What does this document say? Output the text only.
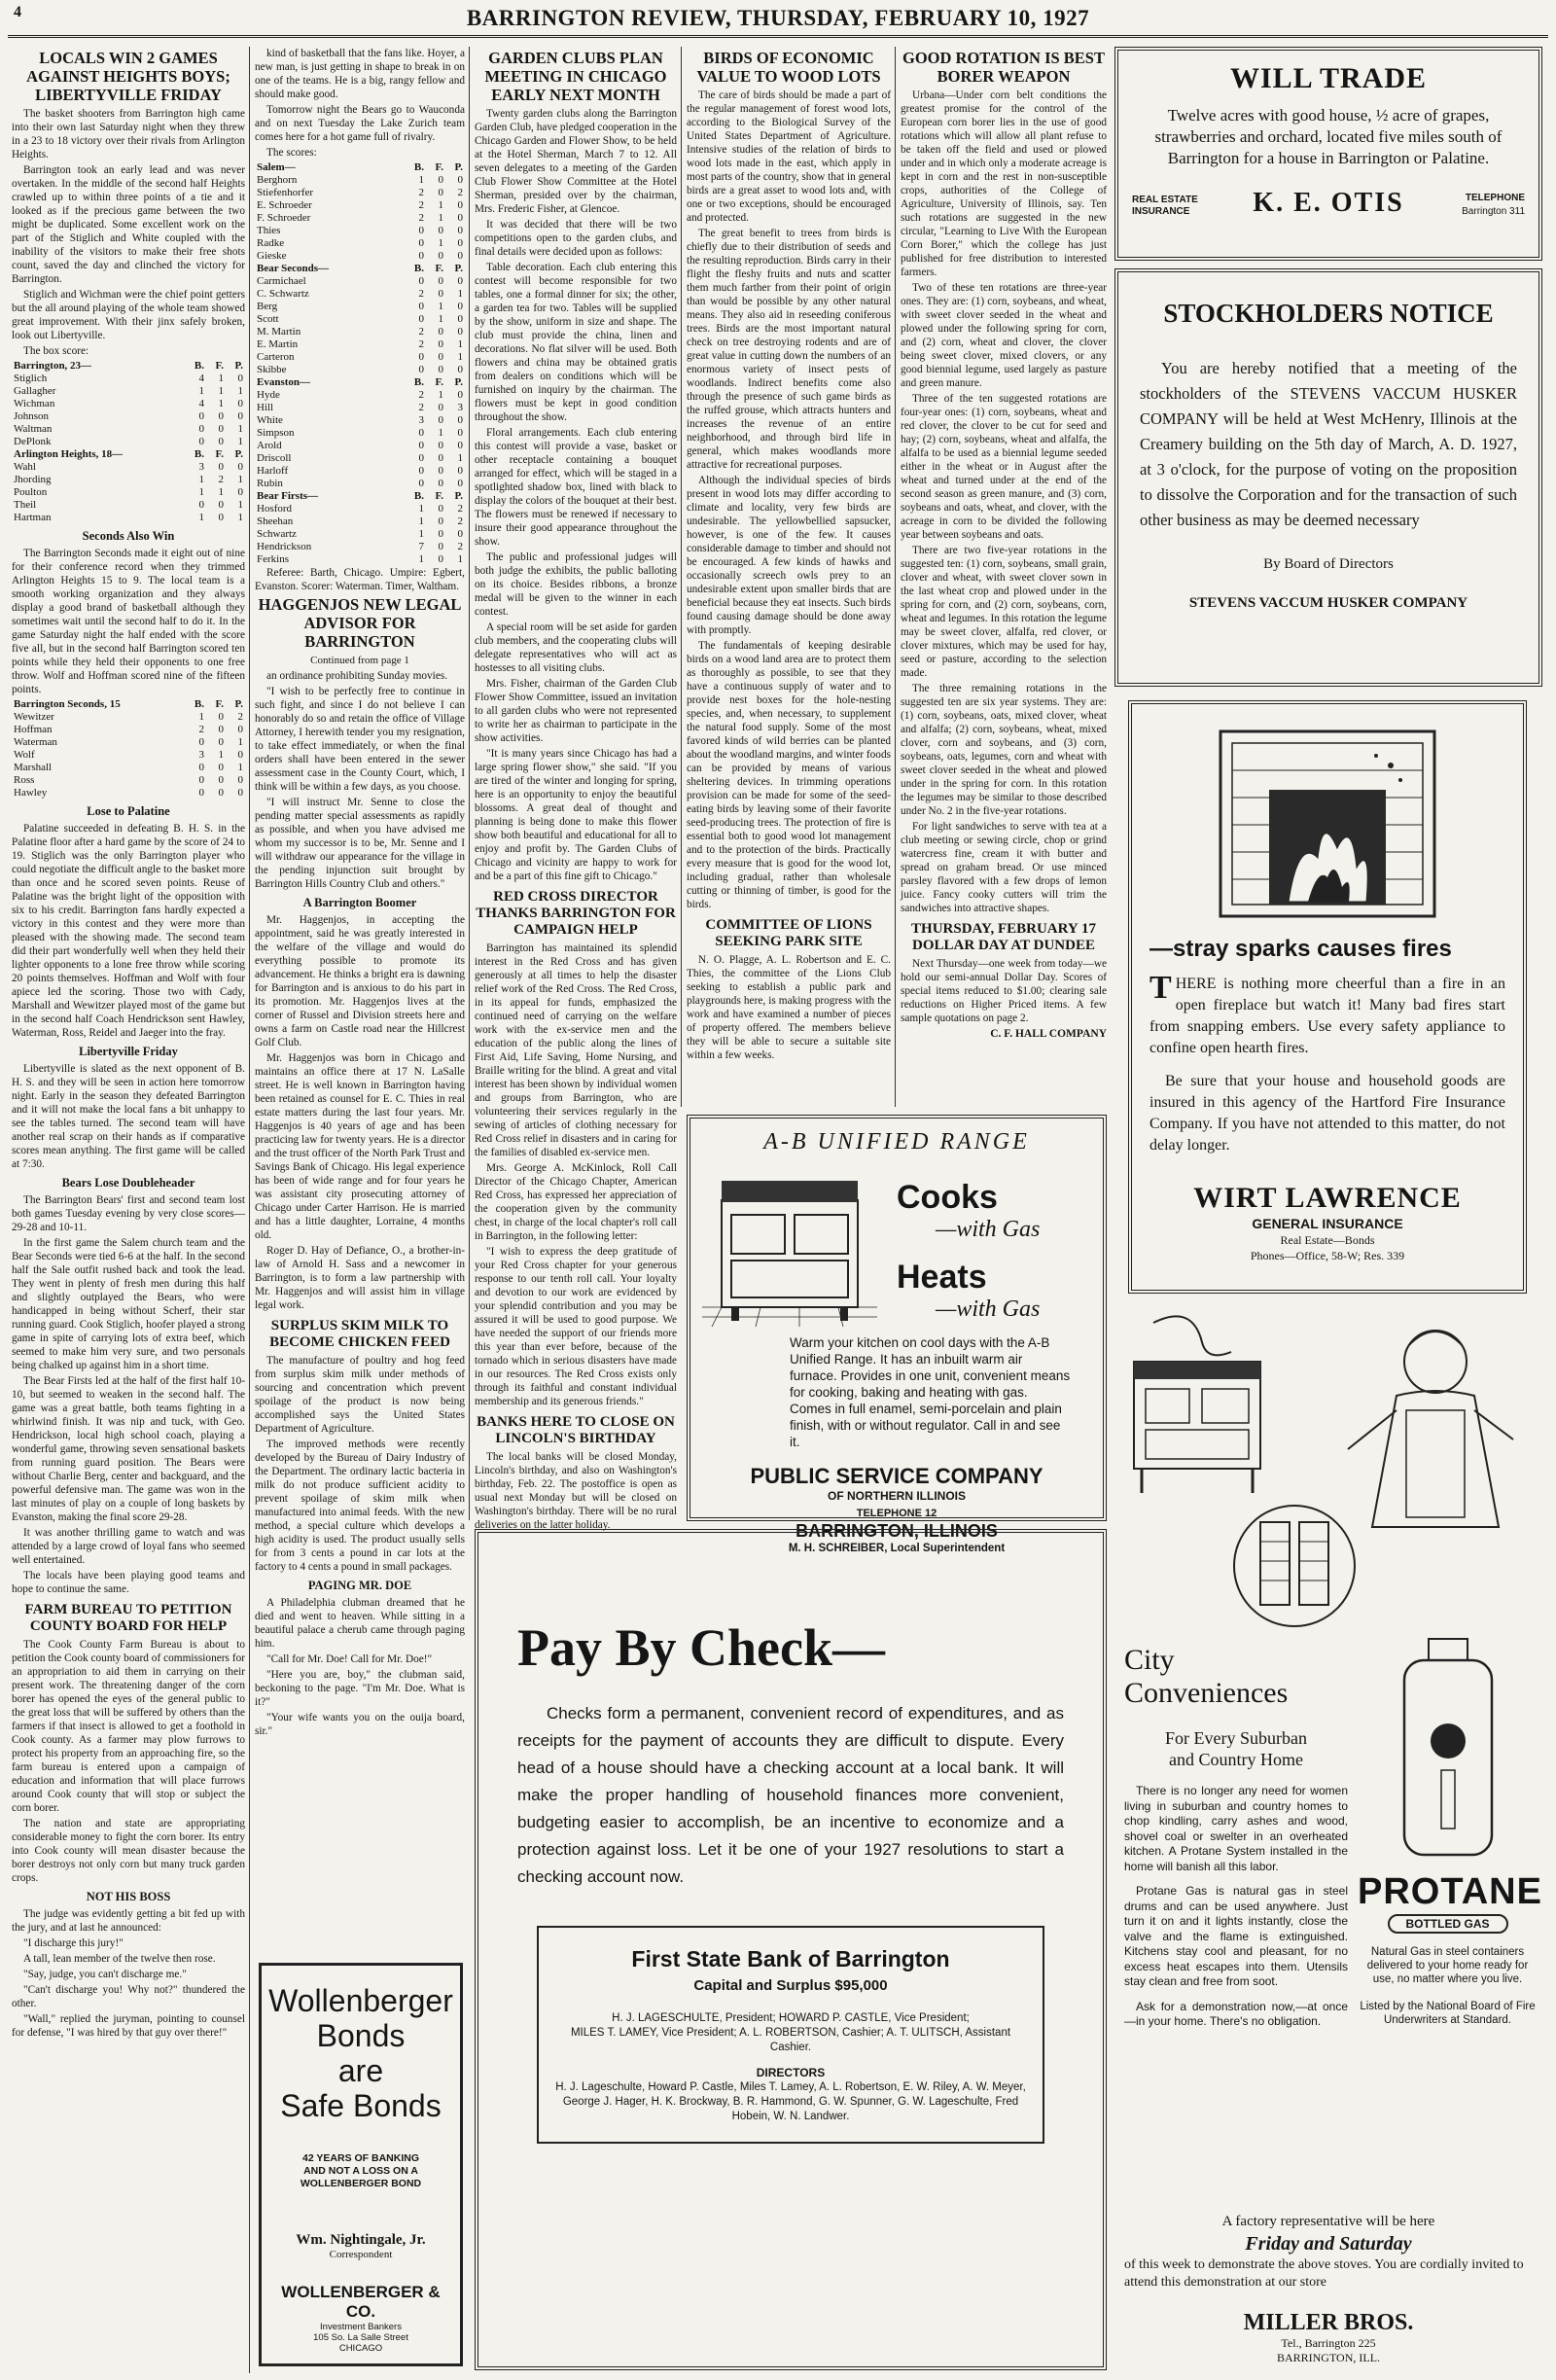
4	BARRINGTON REVIEW, THURSDAY, FEBRUARY 10, 1927
LOCALS WIN 2 GAMES AGAINST HEIGHTS BOYS; LIBERTYVILLE FRIDAY

The basket shooters from Barrington high came into their own last Saturday night when they threw in a 23 to 18 victory over their rivals from Arlington Heights.

Barrington took an early lead and was never overtaken. In the middle of the second half Heights crawled up to within three points of a tie and it looked as if the precious game between the two might be duplicated. Some excellent work on the part of the Stiglich and White coupled with the inability of the visitors to make their free shots count, saved the day and clinched the victory for Barrington.

Stiglich and Wichman were the chief point getters but the all around playing of the whole team showed great improvement. With their jinx safely broken, look out Libertyville.

The box score:

Barrington, 23—	B.	F.	P.
Stiglich	4	1	0
Gallagher	1	1	1
Wichman	4	1	0
Johnson	0	0	0
Waltman	0	0	1
DePlonk	0	0	1
Arlington Heights, 18—	B.	F.	P.
Wahl	3	0	0
Jhording	1	2	1
Poulton	1	1	0
Theil	0	0	1
Hartman	1	0	1
Seconds Also Win

The Barrington Seconds made it eight out of nine for their conference record when they trimmed Arlington Heights 15 to 9. The local team is a smooth working organization and they always display a good brand of basketball although they sometimes wait until the second half to do it. In the game Saturday night the half ended with the score five all, but in the second half Barrington scored ten points while they held their opponents to one free throw. Wolf and Hoffman scored nine of the fifteen points.

Barrington Seconds, 15	B.	F.	P.
Wewitzer	1	0	2
Hoffman	2	0	0
Waterman	0	0	1
Wolf	3	1	0
Marshall	0	0	1
Ross	0	0	0
Hawley	0	0	0
Lose to Palatine

Palatine succeeded in defeating B. H. S. in the Palatine floor after a hard game by the score of 24 to 19. Stiglich was the only Barrington player who could negotiate the difficult angle to the basket more than once and he scored seven points. Reuse of Palatine was the bright light of the opposition with six to his credit. Barrington fans hardly expected a victory in this contest and they were more than pleased with the showing made. The second team did their part wonderfully well when they held their lighter opponents to a lone free throw while scoring 20 points themselves. Hoffman and Wolf with four apiece led the scoring. Those two with Cady, Marshall and Wewitzer played most of the game but in the second half Coach Hendrickson sent Hawley, Waterman, Ross, Reidel and Jaeger into the fray.

Libertyville Friday

Libertyville is slated as the next opponent of B. H. S. and they will be seen in action here tomorrow night. Early in the season they defeated Barrington and it will not make the local fans a bit unhappy to see the tables turned. The second team will have another real scrap on their hands as if comparative scores mean anything. The first game will be called at 7:30.

Bears Lose Doubleheader

The Barrington Bears' first and second team lost both games Tuesday evening by very close scores—29-28 and 10-11.

In the first game the Salem church team and the Bear Seconds were tied 6-6 at the half. In the second half the Sale outfit rushed back and took the lead. They went in plenty of fresh men during this half and slightly outplayed the Bears, who were handicapped in being without Scherf, their star running guard. Cook Stiglich, hoofer played a strong game in spite of carrying lots of extra beef, which seemed to make him very sure, and two personals being chalked up against him in a short time.

The Bear Firsts led at the half of the first half 10-10, but seemed to weaken in the second half. The game was a great battle, both teams fighting in a whirlwind finish. It was nip and tuck, with Geo. Hendrickson, local high school coach, playing a wonderful game, throwing seven sensational baskets from running guard position. The Bears were without Charlie Berg, center and backguard, and the powerful defensive man. The game was won in the last minutes of play on a couple of long baskets by Evanston, making the final score 29-28.

It was another thrilling game to watch and was attended by a large crowd of loyal fans who seemed well entertained.

The locals have been playing good teams and hope to continue the same.

FARM BUREAU TO PETITION COUNTY BOARD FOR HELP

The Cook County Farm Bureau is about to petition the Cook county board of commissioners for an appropriation to aid them in carrying on their present work. The threatening danger of the corn borer has opened the eyes of the general public to the great loss that will be suffered by others than the farmers if that insect is allowed to get a foothold in Cook county. As a farmer may plow furrows to protect his property from an approaching fire, so the farm bureau is entered upon a campaign of education and information that will place furrows around Cook county that will stop or subject the corn borer.

The nation and state are appropriating considerable money to fight the corn borer. Its entry into Cook county will mean disaster because the borer destroys not only corn but many truck garden crops.

NOT HIS BOSS

The judge was evidently getting a bit fed up with the jury, and at last he announced:

"I discharge this jury!"

A tall, lean member of the twelve then rose.

"Say, judge, you can't discharge me."

"Can't discharge you! Why not?" thundered the other.

"Wall," replied the juryman, pointing to counsel for defense, "I was hired by that guy over there!"

kind of basketball that the fans like. Hoyer, a new man, is just getting in shape to break in on one of the teams. He is a big, rangy fellow and should make good.

Tomorrow night the Bears go to Wauconda and on next Tuesday the Lake Zurich team comes here for a hot game full of rivalry.

The scores:

Salem—	B.	F.	P.
Berghorn	1	0	0
Stiefenhorfer	2	0	2
E. Schroeder	2	1	0
F. Schroeder	2	1	0
Thies	0	0	0
Radke	0	1	0
Gieske	0	0	0
Bear Seconds—	B.	F.	P.
Carmichael	0	0	0
C. Schwartz	2	0	1
Berg	0	1	0
Scott	0	1	0
M. Martin	2	0	0
E. Martin	2	0	1
Carteron	0	0	1
Skibbe	0	0	0
Evanston—	B.	F.	P.
Hyde	2	1	0
Hill	2	0	3
White	3	0	0
Simpson	0	1	0
Arold	0	0	0
Driscoll	0	0	1
Harloff	0	0	0
Rubin	0	0	0
Bear Firsts—	B.	F.	P.
Hosford	1	0	2
Sheehan	1	0	2
Schwartz	1	0	0
Hendrickson	7	0	2
Ferkins	1	0	1

Referee: Barth, Chicago. Umpire: Egbert, Evanston. Scorer: Waterman. Timer, Waltham.

HAGGENJOS NEW LEGAL ADVISOR FOR BARRINGTON
Continued from page 1

an ordinance prohibiting Sunday movies.

"I wish to be perfectly free to continue in such fight, and since I do not believe I can honorably do so and retain the office of Village Attorney, I herewith tender you my resignation, to take effect immediately, or when the final orders shall have been entered in the sewer assessment case in the County Court, which, I think will be within a few days, as you choose.

"I will instruct Mr. Senne to close the pending matter special assessments as rapidly as possible, and when you have advised me whom my successor is to be, Mr. Senne and I will withdraw our appearance for the village in the pending injunction suit brought by Barrington Hills Country Club and others."

A Barrington Boomer

Mr. Haggenjos, in accepting the appointment, said he was greatly interested in the welfare of the village and would do everything possible to promote its advancement. He thinks a bright era is dawning for Barrington and is anxious to do his part in its promotion. Mr. Haggenjos lives at the corner of Russel and Division streets here and owns a farm on Castle road near the Hillcrest Golf Club.

Mr. Haggenjos was born in Chicago and maintains an office there at 17 N. LaSalle street. He is well known in Barrington having been retained as counsel for E. C. Thies in real estate matters during the last four years. Mr. Haggenjos is 40 years of age and has been practicing law for twenty years. He is a director and the trust officer of the North Park Trust and Savings Bank of Chicago. His legal experience has been of wide range and for four years he was assistant city prosecuting attorney of Chicago under Carter Harrison. He is married and has a little daughter, Lorraine, 4 months old.

Roger D. Hay of Defiance, O., a brother-in-law of Arnold H. Sass and a newcomer in Barrington, is to form a law partnership with Mr. Haggenjos and will assist him in village legal work.

SURPLUS SKIM MILK TO BECOME CHICKEN FEED

The manufacture of poultry and hog feed from surplus skim milk under methods of sourcing and concentration which prevent spoilage of the product is now being accomplished says the United States Department of Agriculture.

The improved methods were recently developed by the Bureau of Dairy Industry of the Department. The ordinary lactic bacteria in milk do not produce sufficient acidity to prevent spoilage of skim milk when manufactured into animal feeds. With the new method, a special culture which develops a high acidity is used. The product usually sells for from 3 cents a pound in car lots at the factory to 4 cents a pound in small packages.

PAGING MR. DOE

A Philadelphia clubman dreamed that he died and went to heaven. While sitting in a beautiful palace a cherub came through paging him.

"Call for Mr. Doe! Call for Mr. Doe!"

"Here you are, boy," the clubman said, beckoning to the page. "I'm Mr. Doe. What is it?"

"Your wife wants you on the ouija board, sir."

Wollenberger
Bonds
are
Safe Bonds
42 YEARS OF BANKING
AND NOT A LOSS ON A
WOLLENBERGER BOND
Wm. Nightingale, Jr.
Correspondent
WOLLENBERGER & CO.
Investment Bankers
105 So. La Salle Street
CHICAGO
GARDEN CLUBS PLAN MEETING IN CHICAGO EARLY NEXT MONTH

Twenty garden clubs along the Barrington Garden Club, have pledged cooperation in the Chicago Garden and Flower Show, to be held at the Hotel Sherman, March 7 to 12. All seven delegates to a meeting of the Garden Club Flower Show Committee at the Hotel Sherman, presided over by the chairman, Mrs. Frederic Fisher, at Glencoe.

It was decided that there will be two competitions open to the garden clubs, and final details were decided upon as follows:

Table decoration. Each club entering this contest will become responsible for two tables, one a formal dinner for six; the other, a garden tea for two. Tables will be supplied by the show, uniform in size and shape. The club must provide the china, linen and decorations. No flat silver will be used. Both flowers and china may be obtained gratis from dealers on conditions which will be furnished on inquiry by the chairman. The flowers must be kept in good condition throughout the show.

Floral arrangements. Each club entering this contest will provide a vase, basket or other receptacle containing a bouquet arranged for effect, which will be staged in a spotlighted shadow box, lined with black to display the colors of the bouquet at their best. The flowers must be renewed if necessary to insure their good appearance throughout the show.

The public and professional judges will both judge the exhibits, the public balloting on its choice. Besides ribbons, a bronze medal will be given to the winner in each contest.

A special room will be set aside for garden club members, and the cooperating clubs will delegate representatives who will act as hostesses to all visiting clubs.

Mrs. Fisher, chairman of the Garden Club Flower Show Committee, issued an invitation to all garden clubs who were not represented to write her as chairman to participate in the show activities.

"It is many years since Chicago has had a large spring flower show," she said. "If you are tired of the winter and longing for spring, here is an opportunity to enjoy the beautiful blossoms. A great deal of thought and planning is being done to make this flower show both beautiful and educational for all to enjoy and profit by. The Garden Clubs of Chicago and vicinity are happy to work for and be a part of this fine gift to Chicago."

RED CROSS DIRECTOR THANKS BARRINGTON FOR CAMPAIGN HELP

Barrington has maintained its splendid interest in the Red Cross and has given generously at all times to help the disaster relief work of the Red Cross. The Red Cross, in its appeal for funds, emphasized the continued need of carrying on the welfare work with the ex-service men and the education of the public along the lines of First Aid, Life Saving, Home Nursing, and Braille writing for the blind. A great and vital interest has been shown by individual women and groups from Barrington, who are volunteering their services regularly in the sewing of articles of clothing necessary for Red Cross relief in disasters and in caring for the families of disabled ex-service men.

Mrs. George A. McKinlock, Roll Call Director of the Chicago Chapter, American Red Cross, has expressed her appreciation of the cooperation given by the community chest, in charge of the local chapter's roll call in Barrington, in the following letter:

"I wish to express the deep gratitude of your Red Cross chapter for your generous response to our tenth roll call. Your loyalty and devotion to our work are evidenced by your splendid contribution and you may be assured it will be used to good purpose. We have needed the support of our friends more this year than ever before, because of the tornado which in serious disasters have made in our resources. The Red Cross exists only through its faithful and constant individual membership and its generous friends."

BANKS HERE TO CLOSE ON LINCOLN'S BIRTHDAY

The local banks will be closed Monday, Lincoln's birthday, and also on Washington's birthday, Feb. 22. The postoffice is open as usual next Monday but will be closed on Washington's birthday. There will be no rural deliveries on the latter holiday.

BIRDS OF ECONOMIC VALUE TO WOOD LOTS

The care of birds should be made a part of the regular management of forest wood lots, according to the Biological Survey of the United States Department of Agriculture. Intensive studies of the relation of birds to wood lots made in the east, which apply in most parts of the country, show that in general birds are a great asset to wood lots and, with one or two exceptions, should be encouraged and protected.

The great benefit to trees from birds is chiefly due to their distribution of seeds and the resulting reproduction. Birds carry in their flight the fleshy fruits and nuts and scatter them much farther from their point of origin than would be possible by any other natural means. They also aid in reseeding coniferous trees. Birds are the most important natural check on tree destroying rodents and are of great value in cutting down the numbers of an enormous variety of insect pests of woodlands. Indirect benefits come also through the presence of such game birds as the ruffed grouse, which attracts hunters and increases the revenue of an entire neighborhood, and through bird life in general, which makes woodlands more attractive for recreational purposes.

Although the individual species of birds present in wood lots may differ according to climate and locality, very few birds are undesirable. The yellowbellied sapsucker, however, is one of the few. It causes considerable damage to timber and should not be encouraged. A few kinds of hawks and occasionally screech owls prey to an undesirable extent upon smaller birds that are beneficial because they eat insects. Such birds found causing damage should be done away with promptly.

The fundamentals of keeping desirable birds on a wood land area are to protect them as thoroughly as possible, to see that they have a continuous supply of water and to provide nest boxes for the hole-nesting species, and, when necessary, to supplement the natural food supply. Some of the most favored kinds of wild berries can be planted about the woodland margins, and winter foods can be provided by means of various sheltering devices. In trimming operations provision can be made for some of the seed-eating birds by leaving some of their favorite seed-producing trees. The protection of fire is essential both to good wood lot management and to the protection of the birds. Practically every measure that is good for the wood lot, including gradual, rather than wholesale cutting or thinning of timber, is good for the birds.

COMMITTEE OF LIONS SEEKING PARK SITE

N. O. Plagge, A. L. Robertson and E. C. Thies, the committee of the Lions Club seeking to establish a public park and playgrounds here, is making progress with the work and have examined a number of pieces of property offered. The members believe they will be able to secure a suitable site within a few weeks.

GOOD ROTATION IS BEST BORER WEAPON

Urbana—Under corn belt conditions the greatest promise for the control of the European corn borer lies in the use of good rotations which will allow all plant refuse to be taken off the field and used or plowed under and in which only a moderate acreage is kept in corn and the rest in non-susceptible crops, authorities of the College of Agriculture, University of Illinois, say. Ten such rotations are suggested in the new circular, "Learning to Live With the European Corn Borer," which the college has just published for free distribution to interested farmers.

Two of these ten rotations are three-year ones. They are: (1) corn, soybeans, and wheat, with sweet clover seeded in the wheat and plowed under the following spring for corn, and (2) corn, wheat and clover, the clover being sweet clover, mixed clovers, or any good biennial legume, used largely as pasture and green manure.

Three of the ten suggested rotations are four-year ones: (1) corn, soybeans, wheat and red clover, the clover to be cut for seed and hay; (2) corn, soybeans, wheat and alfalfa, the alfalfa to be used as a biennial legume seeded either in the wheat or in August after the wheat and turned under at the end of the second season as green manure, and (3) corn, soybeans and oats, wheat, and clover, with the acreage in corn to be divided the following year between soybeans and oats.

There are two five-year rotations in the suggested ten: (1) corn, soybeans, small grain, clover and wheat, with sweet clover sown in the last wheat crop and plowed under in the spring for corn, and (2) corn, soybeans, corn, wheat and legumes. In this rotation the legume may be sweet clover, alfalfa, red clover, or clover mixtures, which may be used for hay, seed or pasture, according to the selection made.

The three remaining rotations in the suggested ten are six year systems. They are: (1) corn, soybeans, oats, mixed clover, wheat and alfalfa; (2) corn, soybeans, wheat, mixed clover, corn and soybeans, and (3) corn, soybeans, oats, legumes, corn and wheat with sweet clover seeded in the wheat and plowed under in the spring for corn. In this rotation the legumes may be similar to those described under No. 2 in the five-year rotations.

For light sandwiches to serve with tea at a club meeting or sewing circle, chop or grind watercress fine, cream it with butter and spread on graham bread. Or use minced parsley flavored with a few drops of lemon juice. Fancy cooky cutters will trim the sandwiches into attractive shapes.

THURSDAY, FEBRUARY 17 DOLLAR DAY AT DUNDEE

Next Thursday—one week from today—we hold our semi-annual Dollar Day. Scores of special items reduced to $1.00; clearing sale reductions on Higher Priced items. A few sample quotations on page 2.

C. F. HALL COMPANY
WILL TRADE
Twelve acres with good house, ½ acre of grapes, strawberries and orchard, located five miles south of Barrington for a house in Barrington or Palatine.
REAL ESTATE INSURANCE	K. E. OTIS	TELEPHONE
Barrington 311
STOCKHOLDERS NOTICE
You are hereby notified that a meeting of the stockholders of the STEVENS VACCUM HUSKER COMPANY will be held at West McHenry, Illinois at the Creamery building on the 5th day of March, A. D. 1927, at 3 o'clock, for the purpose of voting on the proposition to dissolve the Corporation and for the transaction of such other business as may be deemed necessary
By Board of Directors
STEVENS VACCUM HUSKER COMPANY
—stray sparks causes fires
THERE is nothing more cheerful than a fire in an open fireplace but watch it! Many bad fires start from snapping embers. Use every safety appliance to confine open hearth fires.
Be sure that your house and household goods are insured in this agency of the Hartford Fire Insurance Company. If you have not attended to this matter, do not delay longer.
WIRT LAWRENCE
GENERAL INSURANCE
Real Estate—Bonds
Phones—Office, 58-W; Res. 339
A-B UNIFIED RANGE
Cooks
—with Gas
Heats
—with Gas
Warm your kitchen on cool days with the A-B Unified Range. It has an inbuilt warm air furnace. Provides in one unit, convenient means for cooking, baking and heating with gas. Comes in full enamel, semi-porcelain and plain finish, with or without regulator. Call in and see it.
PUBLIC SERVICE COMPANY
OF NORTHERN ILLINOIS
TELEPHONE 12
BARRINGTON, ILLINOIS
M. H. SCHREIBER, Local Superintendent
Pay By Check—
Checks form a permanent, convenient record of expenditures, and as receipts for the payment of accounts they are difficult to dispute. Every head of a house should have a checking account at a local bank. It will make the proper handling of household finances more convenient, budgeting easier to accomplish, be an incentive to economize and a protection against loss. Let it be one of your 1927 resolutions to start a checking account now.
First State Bank of Barrington
Capital and Surplus $95,000
H. J. LAGESCHULTE, President; HOWARD P. CASTLE, Vice President;
MILES T. LAMEY, Vice President; A. L. ROBERTSON, Cashier; A. T. ULITSCH, Assistant Cashier.
DIRECTORS
H. J. Lageschulte, Howard P. Castle, Miles T. Lamey, A. L. Robertson, E. W. Riley, A. W. Meyer, George J. Hager, H. K. Brockway, B. R. Hammond, G. W. Spunner, G. W. Lageschulte, Fred Hobein, W. N. Landwer.
City
Conveniences
For Every Suburban
and Country Home
There is no longer any need for women living in suburban and country homes to chop kindling, carry ashes and wood, shovel coal or swelter in an overheated kitchen. A Protane System installed in the home will banish all this labor.
Protane Gas is natural gas in steel drums and can be used anywhere. Just turn it on and it lights instantly, close the valve and the flame is extinguished. Kitchens stay cool and pleasant, for no excess heat escapes into them. Utensils stay clean and free from soot.
Ask for a demonstration now,—at once—in your home. There's no obligation.
PROTANE
BOTTLED GAS
Natural Gas in steel containers delivered to your home ready for use, no matter where you live.
Listed by the National Board of Fire Underwriters at Standard.
A factory representative will be here
Friday and Saturday
of this week to demonstrate the above stoves. You are cordially invited to attend this demonstration at our store
MILLER BROS.
Tel., Barrington 225
BARRINGTON, ILL.
